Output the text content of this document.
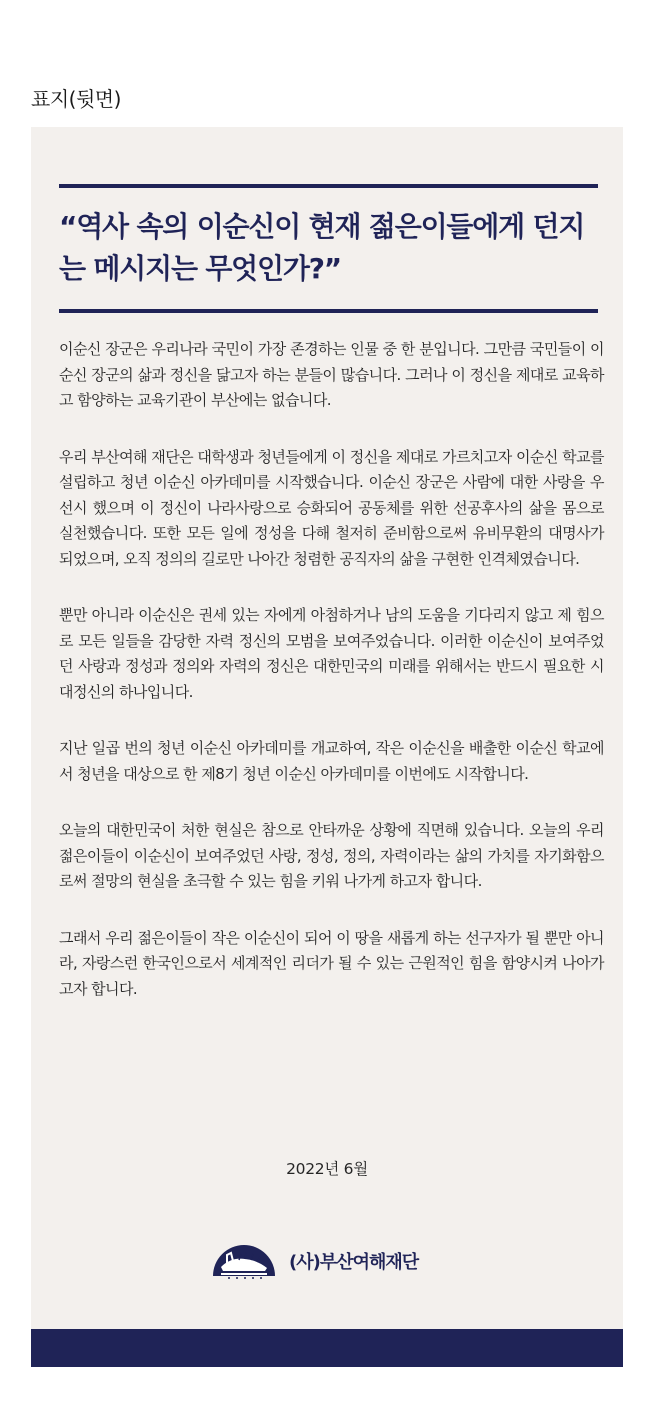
표지(뒷면)
“역사 속의 이순신이 현재 젊은이들에게 던지는 메시지는 무엇인가?”

이순신 장군은 우리나라 국민이 가장 존경하는 인물 중 한 분입니다. 그만큼 국민들이 이순신 장군의 삶과 정신을 닮고자 하는 분들이 많습니다. 그러나 이 정신을 제대로 교육하고 함양하는 교육기관이 부산에는 없습니다.

우리 부산여해 재단은 대학생과 청년들에게 이 정신을 제대로 가르치고자 이순신 학교를 설립하고 청년 이순신 아카데미를 시작했습니다. 이순신 장군은 사람에 대한 사랑을 우선시 했으며 이 정신이 나라사랑으로 승화되어 공동체를 위한 선공후사의 삶을 몸으로 실천했습니다. 또한 모든 일에 정성을 다해 철저히 준비함으로써 유비무환의 대명사가 되었으며, 오직 정의의 길로만 나아간 청렴한 공직자의 삶을 구현한 인격체였습니다.

뿐만 아니라 이순신은 권세 있는 자에게 아첨하거나 남의 도움을 기다리지 않고 제 힘으로 모든 일들을 감당한 자력 정신의 모범을 보여주었습니다. 이러한 이순신이 보여주었던 사랑과 정성과 정의와 자력의 정신은 대한민국의 미래를 위해서는 반드시 필요한 시대정신의 하나입니다.

지난 일곱 번의 청년 이순신 아카데미를 개교하여, 작은 이순신을 배출한 이순신 학교에서 청년을 대상으로 한 제8기 청년 이순신 아카데미를 이번에도 시작합니다.

오늘의 대한민국이 처한 현실은 참으로 안타까운 상황에 직면해 있습니다. 오늘의 우리 젊은이들이 이순신이 보여주었던 사랑, 정성, 정의, 자력이라는 삶의 가치를 자기화함으로써 절망의 현실을 초극할 수 있는 힘을 키워 나가게 하고자 합니다.

그래서 우리 젊은이들이 작은 이순신이 되어 이 땅을 새롭게 하는 선구자가 될 뿐만 아니라, 자랑스런 한국인으로서 세계적인 리더가 될 수 있는 근원적인 힘을 함양시켜 나아가고자 합니다.

2022년 6월
(사)부산여해재단
